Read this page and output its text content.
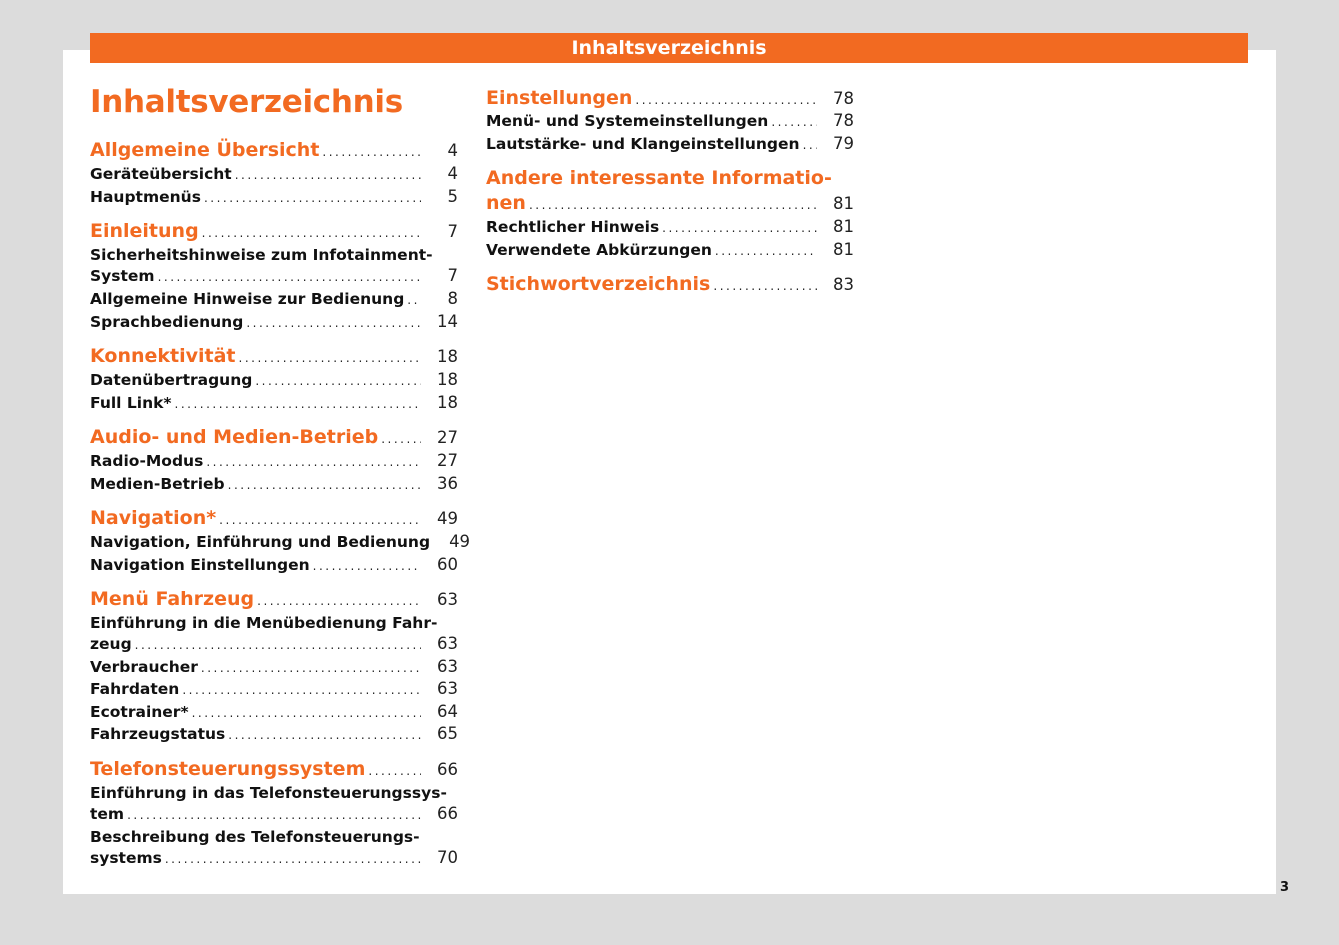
Inhaltsverzeichnis
Inhaltsverzeichnis
Allgemeine Übersicht .....	4
Geräteübersicht .....	4
Hauptmenüs .....	5
Einleitung .....	7
Sicherheitshinweise zum Infotainment-
System .....	7
Allgemeine Hinweise zur Bedienung .....	8
Sprachbedienung .....	14
Konnektivität .....	18
Datenübertragung .....	18
Full Link* .....	18
Audio- und Medien-Betrieb .....	27
Radio-Modus .....	27
Medien-Betrieb .....	36
Navigation* .....	49
Navigation, Einführung und Bedienung	49
Navigation Einstellungen .....	60
Menü Fahrzeug .....	63
Einführung in die Menübedienung Fahr-
zeug .....	63
Verbraucher .....	63
Fahrdaten .....	63
Ecotrainer* .....	64
Fahrzeugstatus .....	65
Telefonsteuerungssystem .....	66
Einführung in das Telefonsteuerungssys-
tem .....	66
Beschreibung des Telefonsteuerungs-
systems .....	70
Einstellungen .....	78
Menü- und Systemeinstellungen .....	78
Lautstärke- und Klangeinstellungen .....	79
Andere interessante Informatio-
nen .....	81
Rechtlicher Hinweis .....	81
Verwendete Abkürzungen .....	81
Stichwortverzeichnis .....	83
3
